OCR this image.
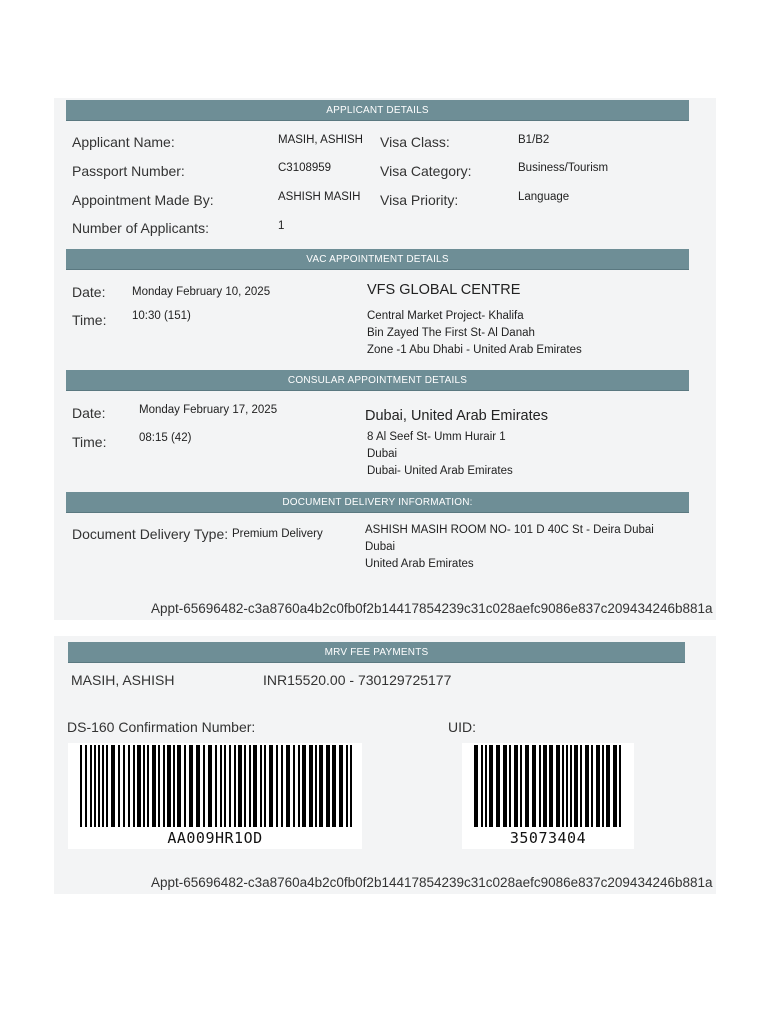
APPLICANT DETAILS
Applicant Name:	MASIH, ASHISH
Passport Number:	C3108959
Appointment Made By:	ASHISH MASIH
Number of Applicants:	1
Visa Class:	B1/B2
Visa Category:	Business/Tourism
Visa Priority:	Language
VAC APPOINTMENT DETAILS
Date: Monday February 10, 2025
Time: 10:30 (151)
VFS GLOBAL CENTRE
Central Market Project- Khalifa
Bin Zayed The First St- Al Danah
Zone -1 Abu Dhabi - United Arab Emirates
CONSULAR APPOINTMENT DETAILS
Date:	Monday February 17, 2025
Time:	08:15 (42)
Dubai, United Arab Emirates
8 Al Seef St- Umm Hurair 1
Dubai
Dubai- United Arab Emirates
DOCUMENT DELIVERY INFORMATION:
Document Delivery Type: Premium Delivery	ASHISH MASIH ROOM NO- 101 D 40C St - Deira Dubai
Dubai
United Arab Emirates
Appt-65696482-c3a8760a4b2c0fb0f2b14417854239c31c028aefc9086e837c209434246b881a
MRV FEE PAYMENTS
MASIH, ASHISH	INR15520.00 - 730129725177
DS-160 Confirmation Number:	UID:
AA009HR1OD	35073404
Appt-65696482-c3a8760a4b2c0fb0f2b14417854239c31c028aefc9086e837c209434246b881a
